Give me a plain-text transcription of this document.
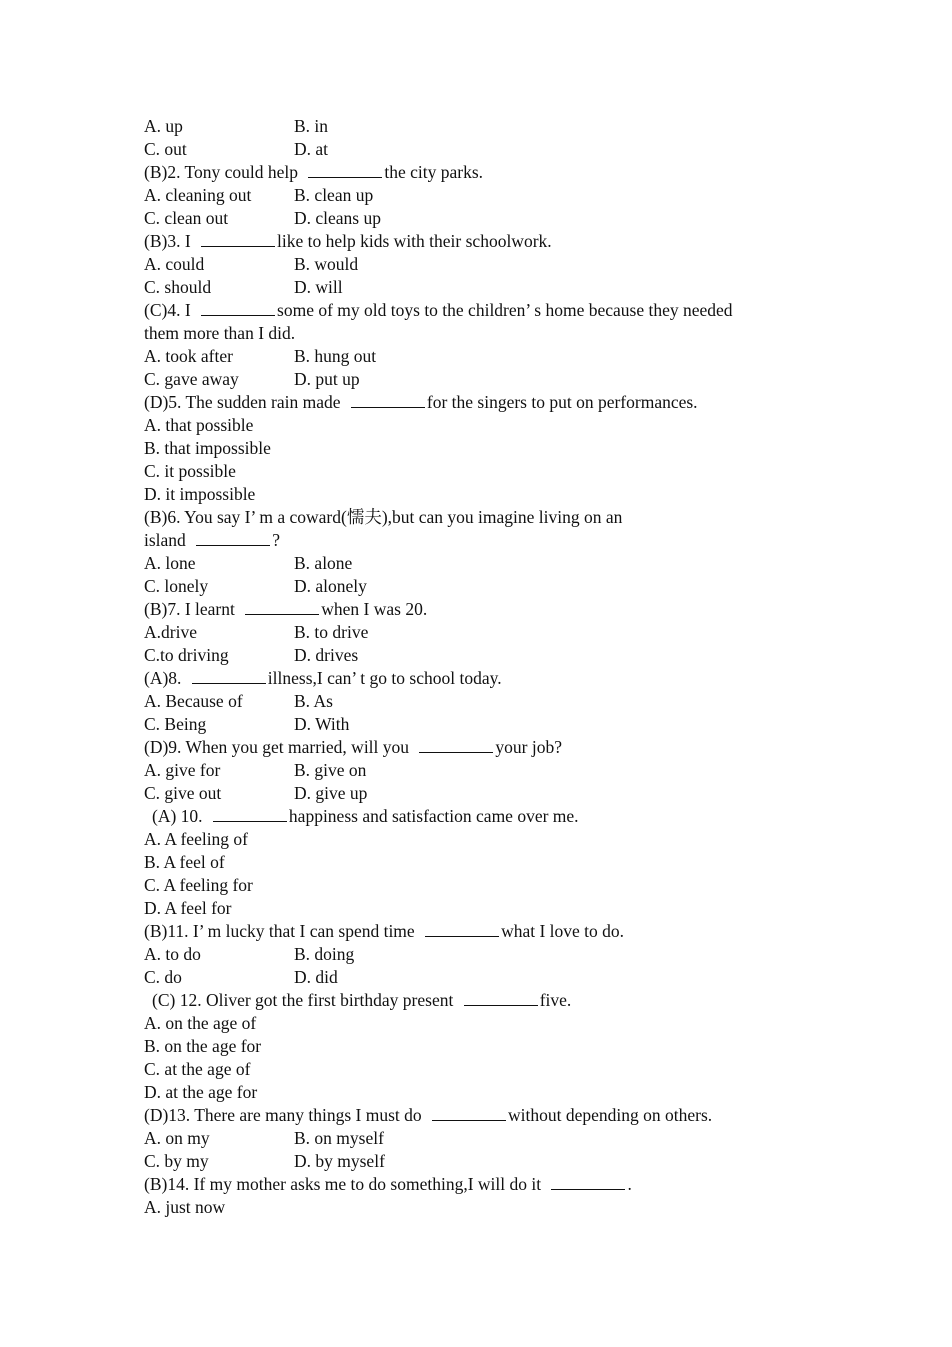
A. up	B. in
C. out	D. at
(B)2. Tony could help	the city parks.
A. cleaning out	B. clean up
C. clean out	D. cleans up
(B)3. I	like to help kids with their schoolwork.
A. could	B. would
C. should	D. will
(C)4. I	some of my old toys to the children’ s home because they needed
them more than I did.
A. took after	B. hung out
C. gave away	D. put up
(D)5. The sudden rain made	for the singers to put on performances.
A. that possible
B. that impossible
C. it possible
D. it impossible
(B)6. You say I’ m a coward(懦夫),but can you imagine living on an
island	?
A. lone	B. alone
C. lonely	D. alonely
(B)7. I learnt	when I was 20.
A.drive	B. to drive
C.to driving	D. drives
(A)8.	illness,I can’ t go to school today.
A. Because of	B. As
C. Being	D. With
(D)9. When you get married, will you	your job?
A. give for	B. give on
C. give out	D. give up
(A) 10.	happiness and satisfaction came over me.
A. A feeling of
B. A feel of
C. A feeling for
D. A feel for
(B)11. I’ m lucky that I can spend time	what I love to do.
A. to do	B. doing
C. do	D. did
(C) 12. Oliver got the first birthday present	five.
A. on the age of
B. on the age for
C. at the age of
D. at the age for
(D)13. There are many things I must do	without depending on others.
A. on my	B. on myself
C. by my	D. by myself
(B)14. If my mother asks me to do something,I will do it	.
A. just now
